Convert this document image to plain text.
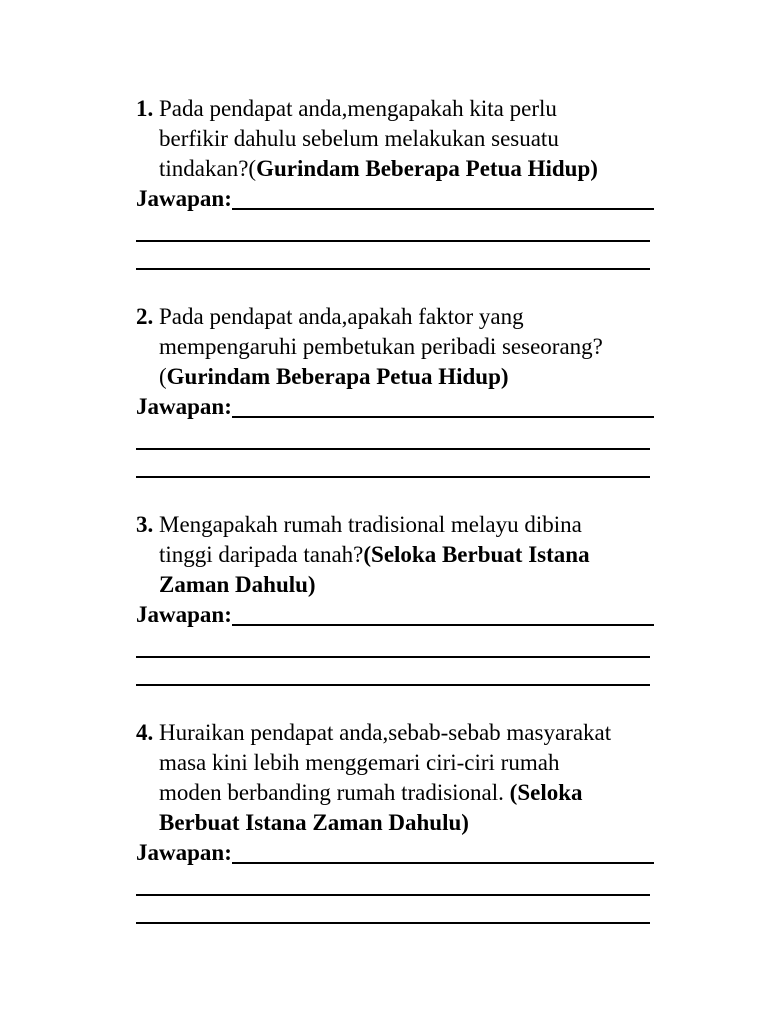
1. Pada pendapat anda,mengapakah kita perlu
berfikir dahulu sebelum melakukan sesuatu
tindakan?(Gurindam Beberapa Petua Hidup)
Jawapan:
2. Pada pendapat anda,apakah faktor yang
mempengaruhi pembetukan peribadi seseorang?
(Gurindam Beberapa Petua Hidup)
Jawapan:
3. Mengapakah rumah tradisional melayu dibina
tinggi daripada tanah?(Seloka Berbuat Istana
Zaman Dahulu)
Jawapan:
4. Huraikan pendapat anda,sebab-sebab masyarakat
masa kini lebih menggemari ciri-ciri rumah
moden berbanding rumah tradisional. (Seloka
Berbuat Istana Zaman Dahulu)
Jawapan:
